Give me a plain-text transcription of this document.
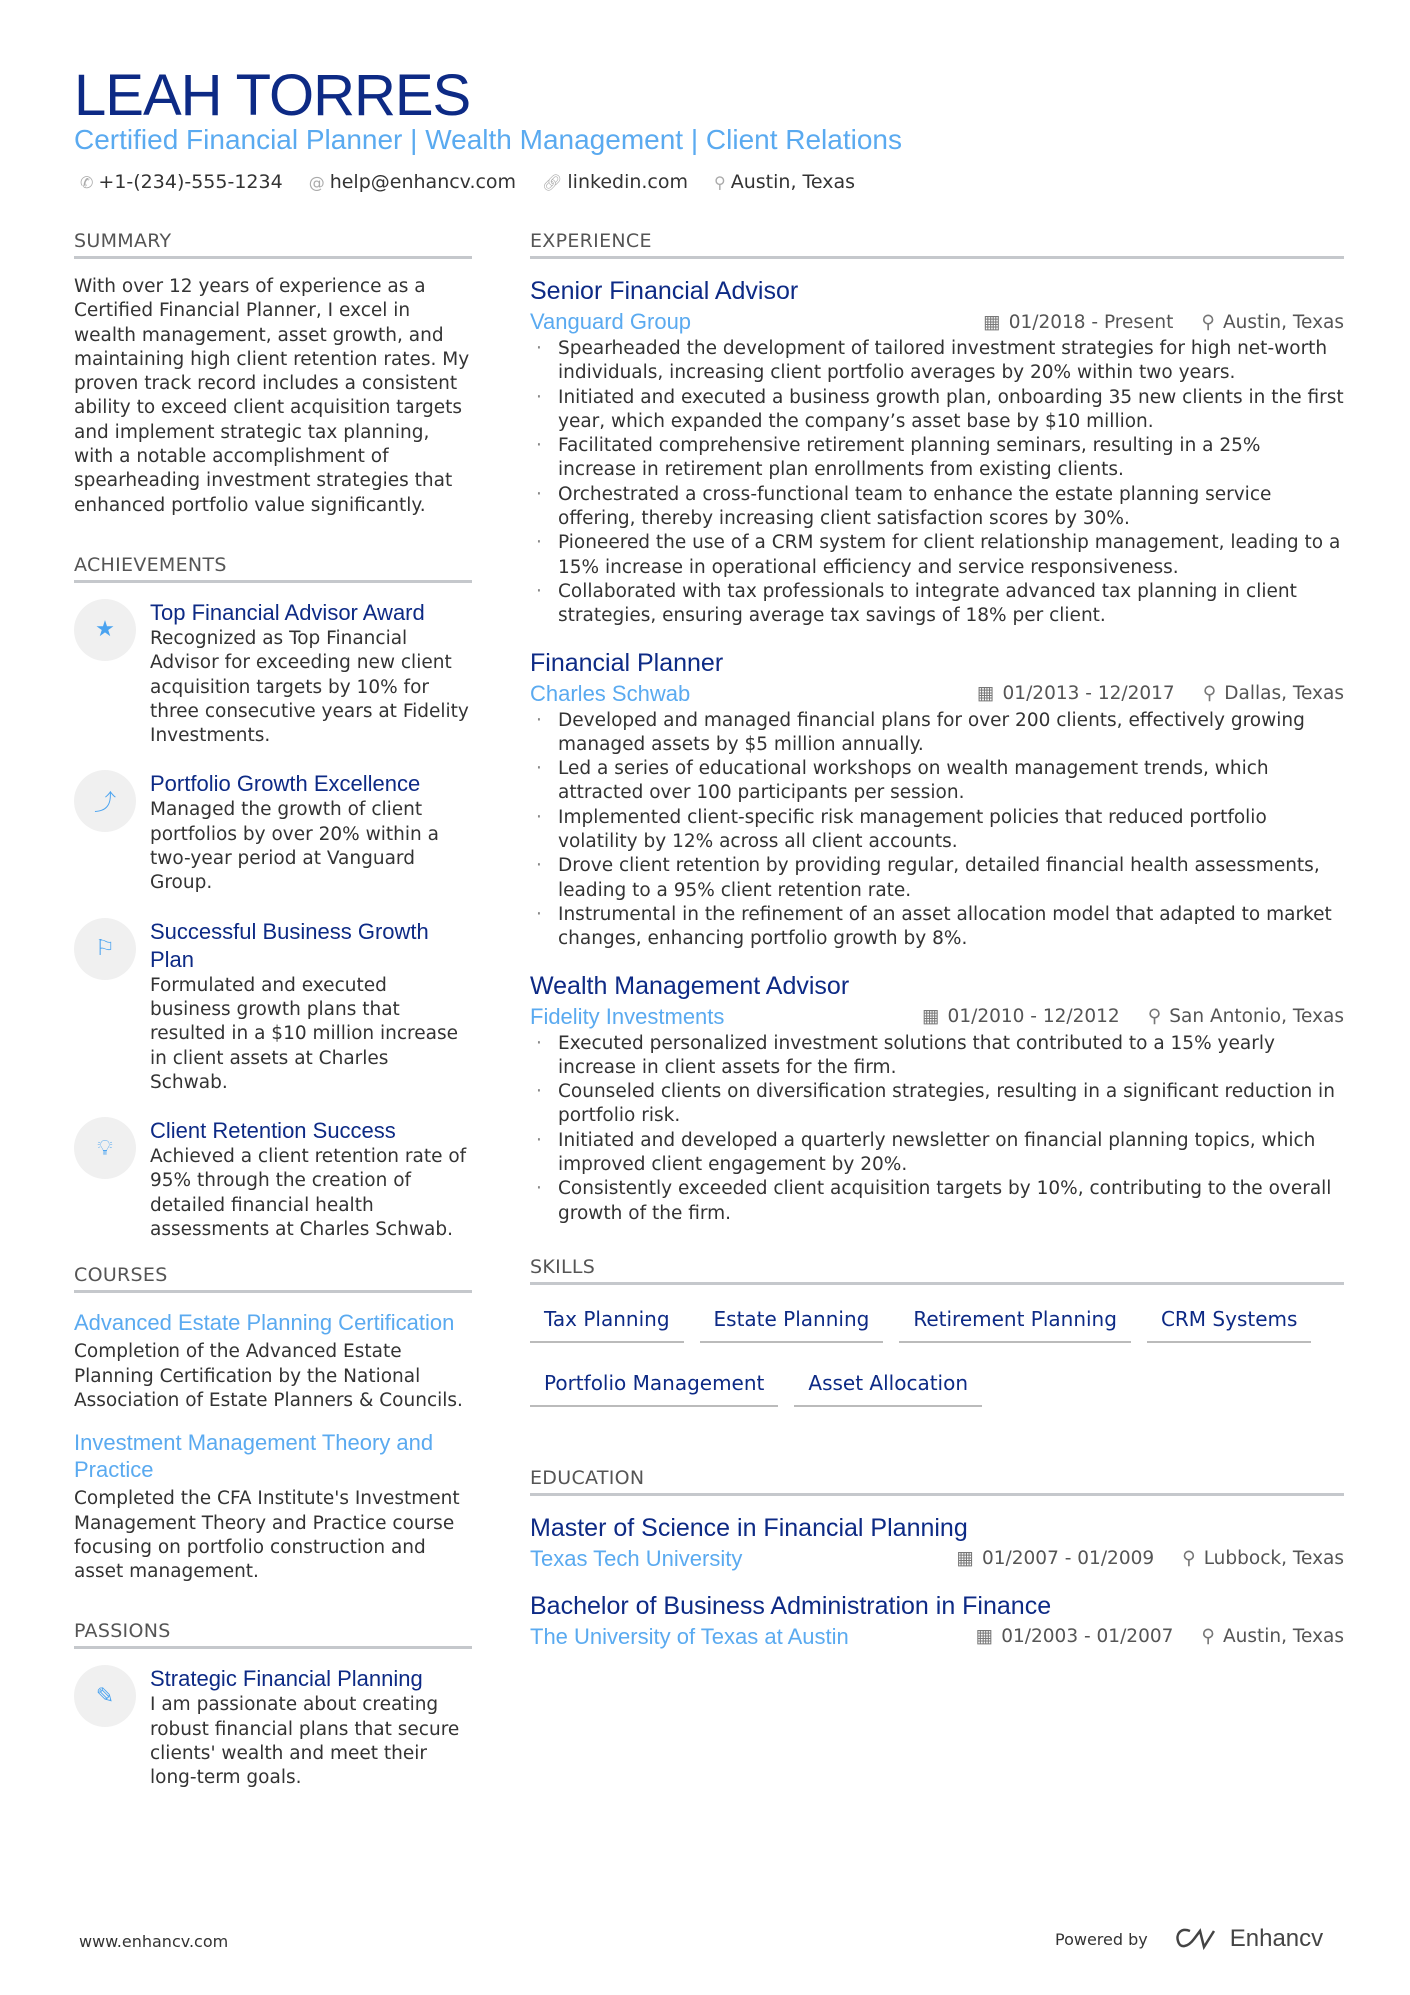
LEAH TORRES
Certified Financial Planner | Wealth Management | Client Relations
✆ +1-(234)-555-1234 @ help@enhancv.com 🔗︎ linkedin.com ⚲ Austin, Texas
SUMMARY
With over 12 years of experience as a Certified Financial Planner, I excel in wealth management, asset growth, and maintaining high client retention rates. My proven track record includes a consistent ability to exceed client acquisition targets and implement strategic tax planning, with a notable accomplishment of spearheading investment strategies that enhanced portfolio value significantly.
ACHIEVEMENTS
★
Top Financial Advisor Award
Recognized as Top Financial Advisor for exceeding new client acquisition targets by 10% for three consecutive years at Fidelity Investments.
⤴
Portfolio Growth Excellence
Managed the growth of client portfolios by over 20% within a two-year period at Vanguard Group.
⚐
Successful Business Growth Plan
Formulated and executed business growth plans that resulted in a $10 million increase in client assets at Charles Schwab.
💡︎
Client Retention Success
Achieved a client retention rate of 95% through the creation of detailed financial health assessments at Charles Schwab.
COURSES
Advanced Estate Planning Certification
Completion of the Advanced Estate Planning Certification by the National Association of Estate Planners & Councils.
Investment Management Theory and Practice
Completed the CFA Institute's Investment Management Theory and Practice course focusing on portfolio construction and asset management.
PASSIONS
✎
Strategic Financial Planning
I am passionate about creating robust financial plans that secure clients' wealth and meet their long-term goals.
EXPERIENCE
Senior Financial Advisor
Vanguard Group	▦ 01/2018 - Present ⚲ Austin, Texas
· Spearheaded the development of tailored investment strategies for high net-worth individuals, increasing client portfolio averages by 20% within two years.
· Initiated and executed a business growth plan, onboarding 35 new clients in the first year, which expanded the company’s asset base by $10 million.
· Facilitated comprehensive retirement planning seminars, resulting in a 25% increase in retirement plan enrollments from existing clients.
· Orchestrated a cross-functional team to enhance the estate planning service offering, thereby increasing client satisfaction scores by 30%.
· Pioneered the use of a CRM system for client relationship management, leading to a 15% increase in operational efficiency and service responsiveness.
· Collaborated with tax professionals to integrate advanced tax planning in client strategies, ensuring average tax savings of 18% per client.
Financial Planner
Charles Schwab	▦ 01/2013 - 12/2017 ⚲ Dallas, Texas
· Developed and managed financial plans for over 200 clients, effectively growing managed assets by $5 million annually.
· Led a series of educational workshops on wealth management trends, which attracted over 100 participants per session.
· Implemented client-specific risk management policies that reduced portfolio volatility by 12% across all client accounts.
· Drove client retention by providing regular, detailed financial health assessments, leading to a 95% client retention rate.
· Instrumental in the refinement of an asset allocation model that adapted to market changes, enhancing portfolio growth by 8%.
Wealth Management Advisor
Fidelity Investments	▦ 01/2010 - 12/2012 ⚲ San Antonio, Texas
· Executed personalized investment solutions that contributed to a 15% yearly increase in client assets for the firm.
· Counseled clients on diversification strategies, resulting in a significant reduction in portfolio risk.
· Initiated and developed a quarterly newsletter on financial planning topics, which improved client engagement by 20%.
· Consistently exceeded client acquisition targets by 10%, contributing to the overall growth of the firm.
SKILLS
Tax Planning	Estate Planning	Retirement Planning	CRM Systems
Portfolio Management	Asset Allocation
EDUCATION
Master of Science in Financial Planning
Texas Tech University	▦ 01/2007 - 01/2009 ⚲ Lubbock, Texas
Bachelor of Business Administration in Finance
The University of Texas at Austin	▦ 01/2003 - 01/2007 ⚲ Austin, Texas
www.enhancv.com	Powered by	Enhancv
